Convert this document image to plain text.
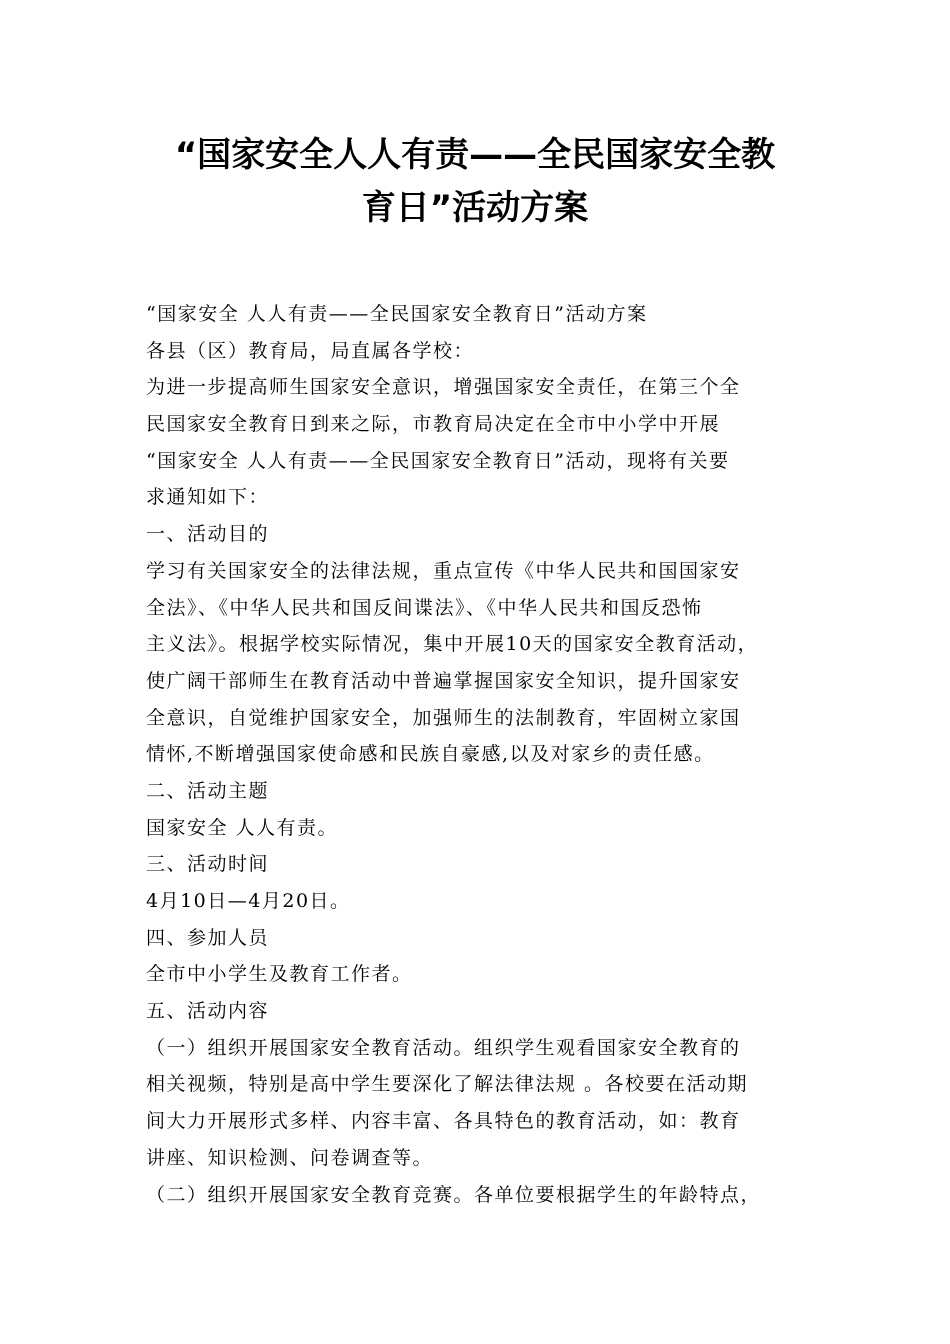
“国家安全人人有责——全民国家安全教
育日”活动方案

“国家安全 人人有责——全民国家安全教育日”活动方案

各县（区）教育局，局直属各学校：

为进一步提高师生国家安全意识，增强国家安全责任，在第三个全

民国家安全教育日到来之际，市教育局决定在全市中小学中开展

“国家安全 人人有责——全民国家安全教育日”活动，现将有关要

求通知如下：

一、活动目的

学习有关国家安全的法律法规，重点宣传《中华人民共和国国家安

全法》、《中华人民共和国反间谍法》、《中华人民共和国反恐怖

主义法》。根据学校实际情况，集中开展10天的国家安全教育活动，

使广阔干部师生在教育活动中普遍掌握国家安全知识，提升国家安

全意识，自觉维护国家安全，加强师生的法制教育，牢固树立家国

情怀,不断增强国家使命感和民族自豪感,以及对家乡的责任感。

二、活动主题

国家安全 人人有责。

三、活动时间

4月10日—4月20日。

四、参加人员

全市中小学生及教育工作者。

五、活动内容

（一）组织开展国家安全教育活动。组织学生观看国家安全教育的

相关视频，特别是高中学生要深化了解法律法规 。各校要在活动期

间大力开展形式多样、内容丰富、各具特色的教育活动，如：教育

讲座、知识检测、问卷调查等。

（二）组织开展国家安全教育竞赛。各单位要根据学生的年龄特点，
